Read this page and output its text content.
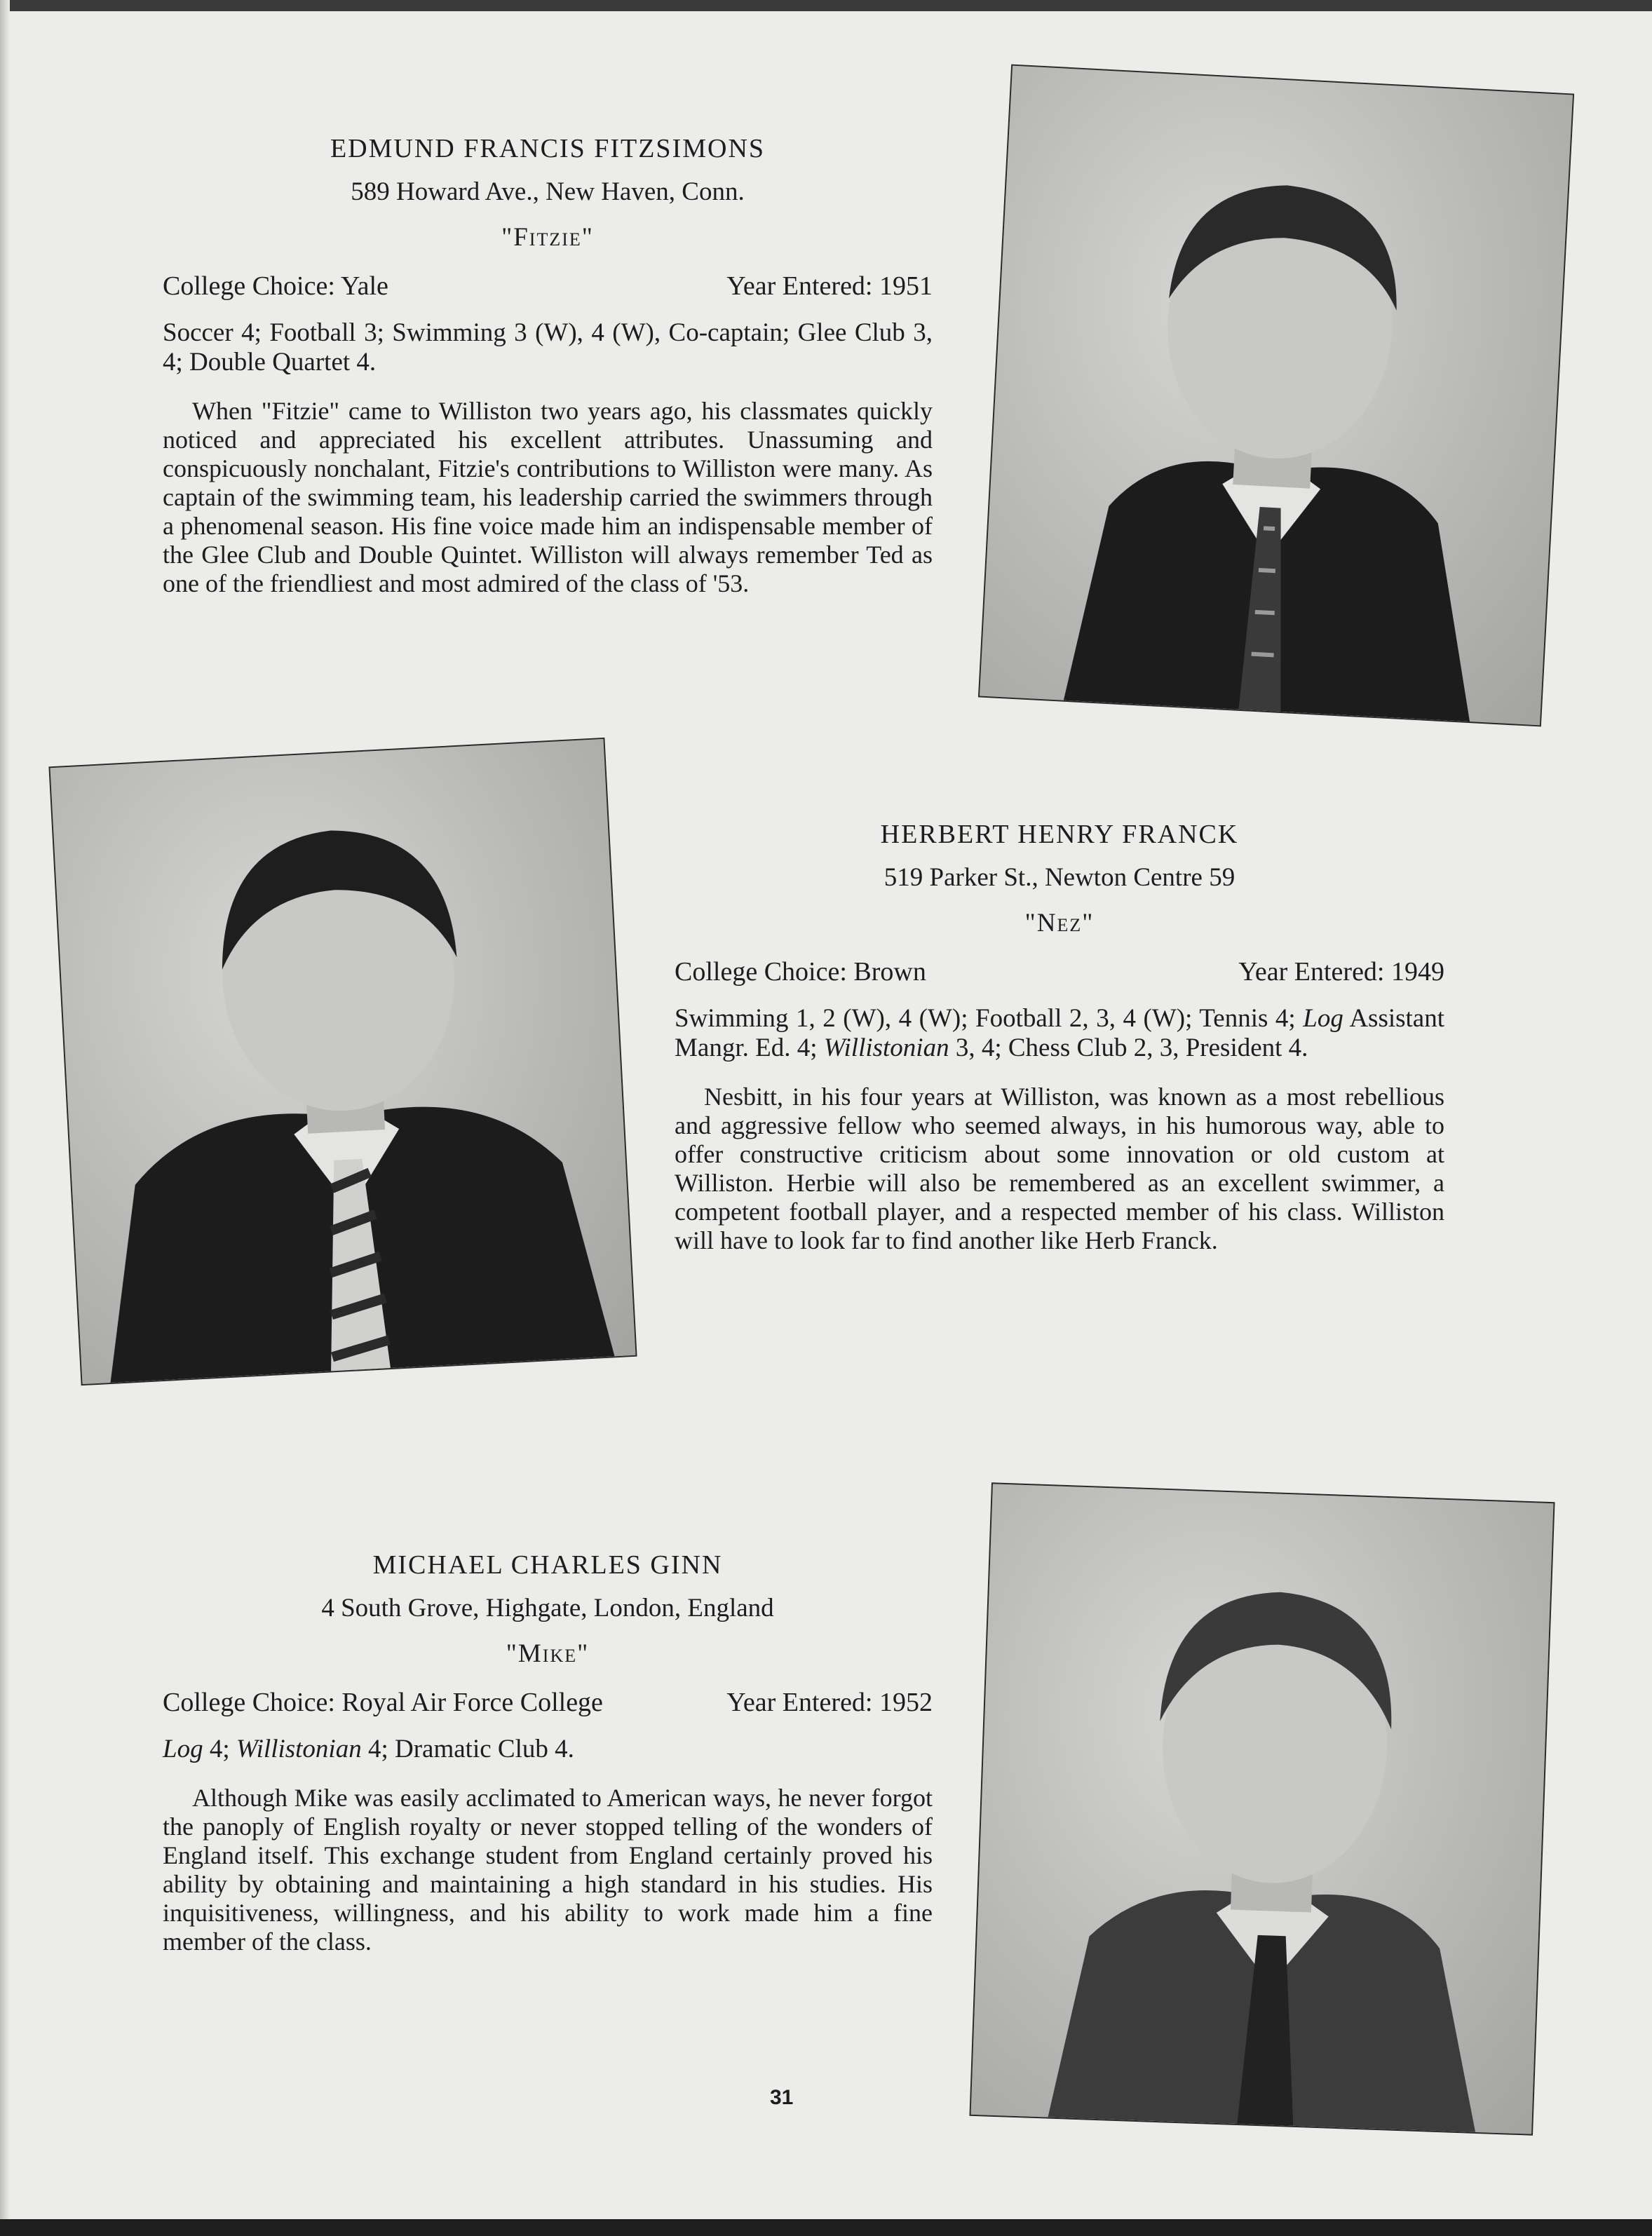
EDMUND FRANCIS FITZSIMONS
589 Howard Ave., New Haven, Conn.
"Fitzie"
College Choice: Yale	Year Entered: 1951
Soccer 4; Football 3; Swimming 3 (W), 4 (W), Co-captain; Glee Club 3, 4; Double Quartet 4.

When "Fitzie" came to Williston two years ago, his classmates quickly noticed and appreciated his excellent attributes. Unassuming and conspicuously nonchalant, Fitzie's contributions to Williston were many. As captain of the swimming team, his leadership carried the swimmers through a phenomenal season. His fine voice made him an indispensable member of the Glee Club and Double Quintet. Williston will always remember Ted as one of the friendliest and most admired of the class of '53.

HERBERT HENRY FRANCK
519 Parker St., Newton Centre 59
"Nez"
College Choice: Brown	Year Entered: 1949
Swimming 1, 2 (W), 4 (W); Football 2, 3, 4 (W); Tennis 4; Log Assistant Mangr. Ed. 4; Willistonian 3, 4; Chess Club 2, 3, President 4.

Nesbitt, in his four years at Williston, was known as a most rebellious and aggressive fellow who seemed always, in his humorous way, able to offer constructive criticism about some innovation or old custom at Williston. Herbie will also be remembered as an excellent swimmer, a competent football player, and a respected member of his class. Williston will have to look far to find another like Herb Franck.

MICHAEL CHARLES GINN
4 South Grove, Highgate, London, England
"Mike"
College Choice: Royal Air Force College	Year Entered: 1952
Log 4; Willistonian 4; Dramatic Club 4.

Although Mike was easily acclimated to American ways, he never forgot the panoply of English royalty or never stopped telling of the wonders of England itself. This exchange student from England certainly proved his ability by obtaining and maintaining a high standard in his studies. His inquisitiveness, willingness, and his ability to work made him a fine member of the class.

31
